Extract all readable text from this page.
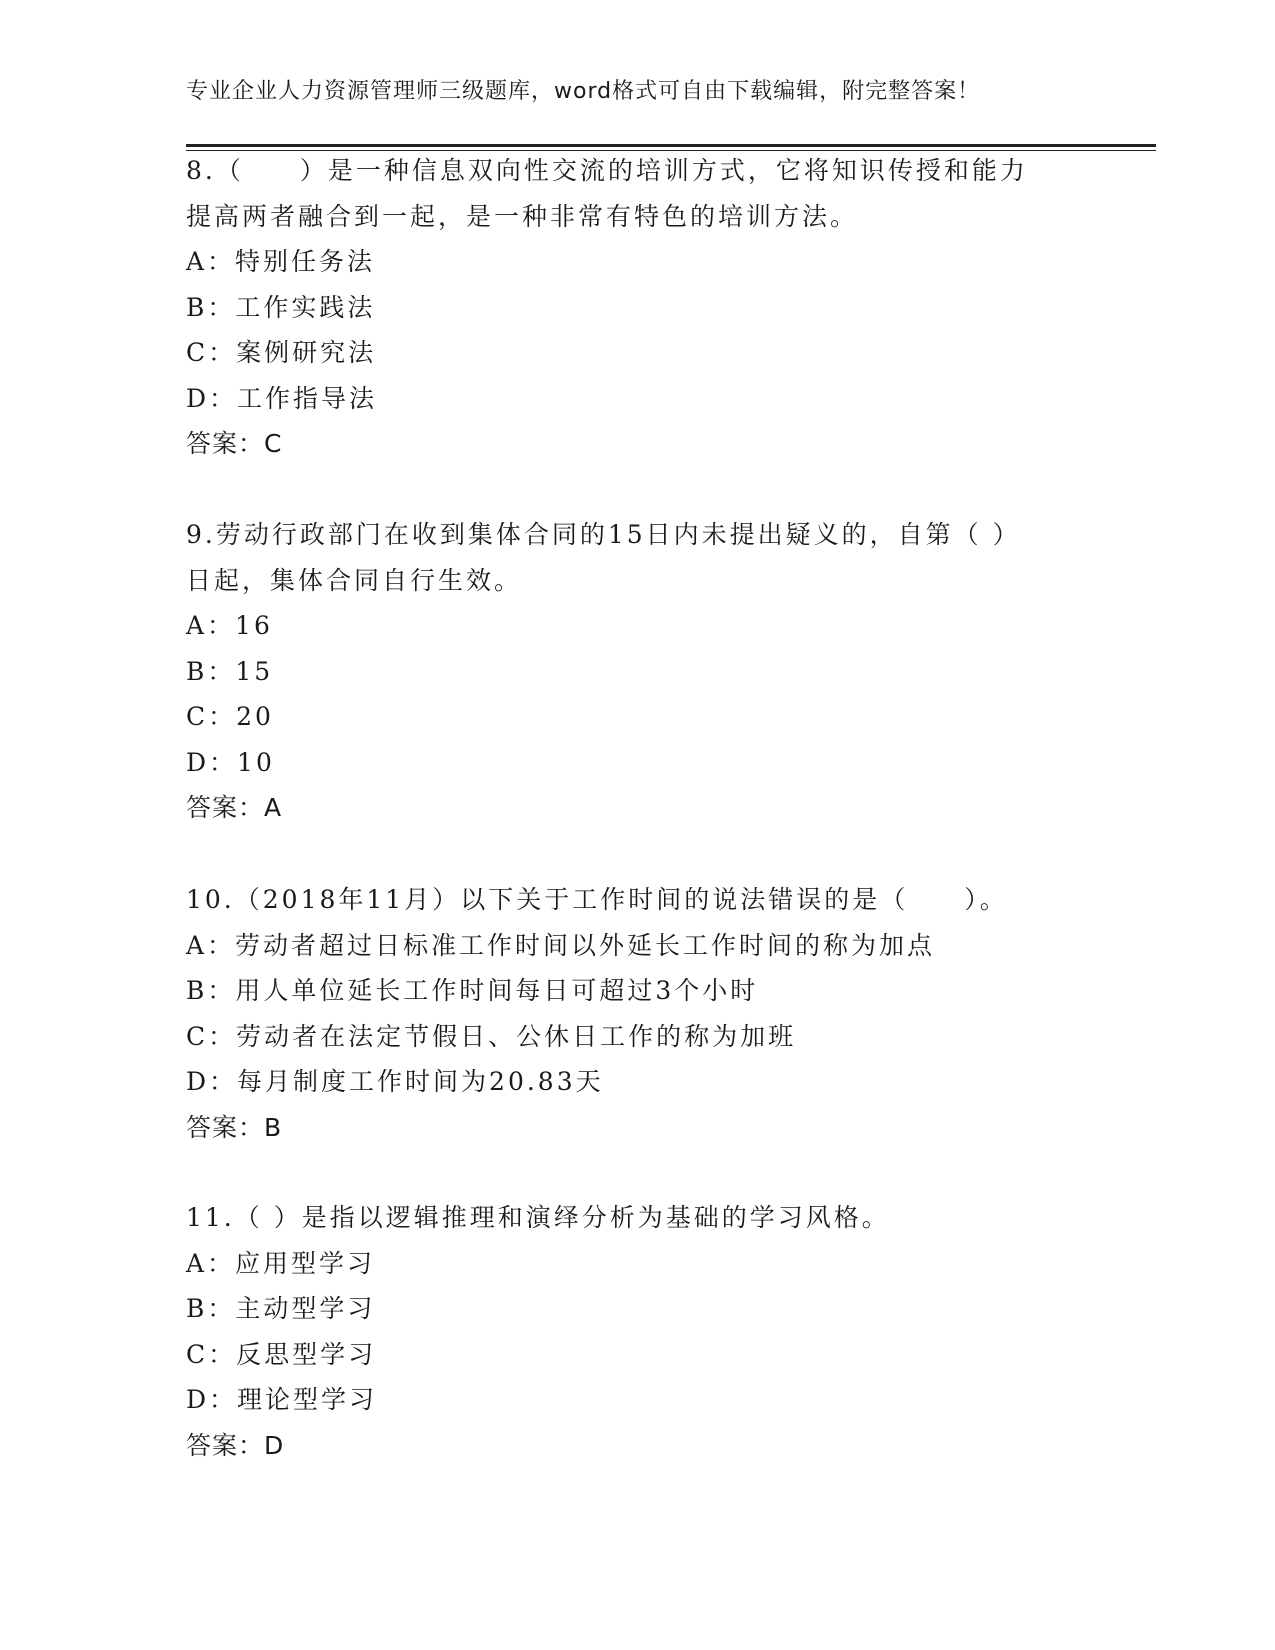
专业企业人力资源管理师三级题库，word格式可自由下载编辑，附完整答案！
8.（　　）是一种信息双向性交流的培训方式，它将知识传授和能力
提高两者融合到一起，是一种非常有特色的培训方法。
A：特别任务法
B：工作实践法
C：案例研究法
D：工作指导法
答案：C
9.劳动行政部门在收到集体合同的15日内未提出疑义的，自第（ ）
日起，集体合同自行生效。
A：16
B：15
C：20
D：10
答案：A
10.（2018年11月）以下关于工作时间的说法错误的是（　　）。
A：劳动者超过日标准工作时间以外延长工作时间的称为加点
B：用人单位延长工作时间每日可超过3个小时
C：劳动者在法定节假日、公休日工作的称为加班
D：每月制度工作时间为20.83天
答案：B
11.（ ）是指以逻辑推理和演绎分析为基础的学习风格。
A：应用型学习
B：主动型学习
C：反思型学习
D：理论型学习
答案：D
